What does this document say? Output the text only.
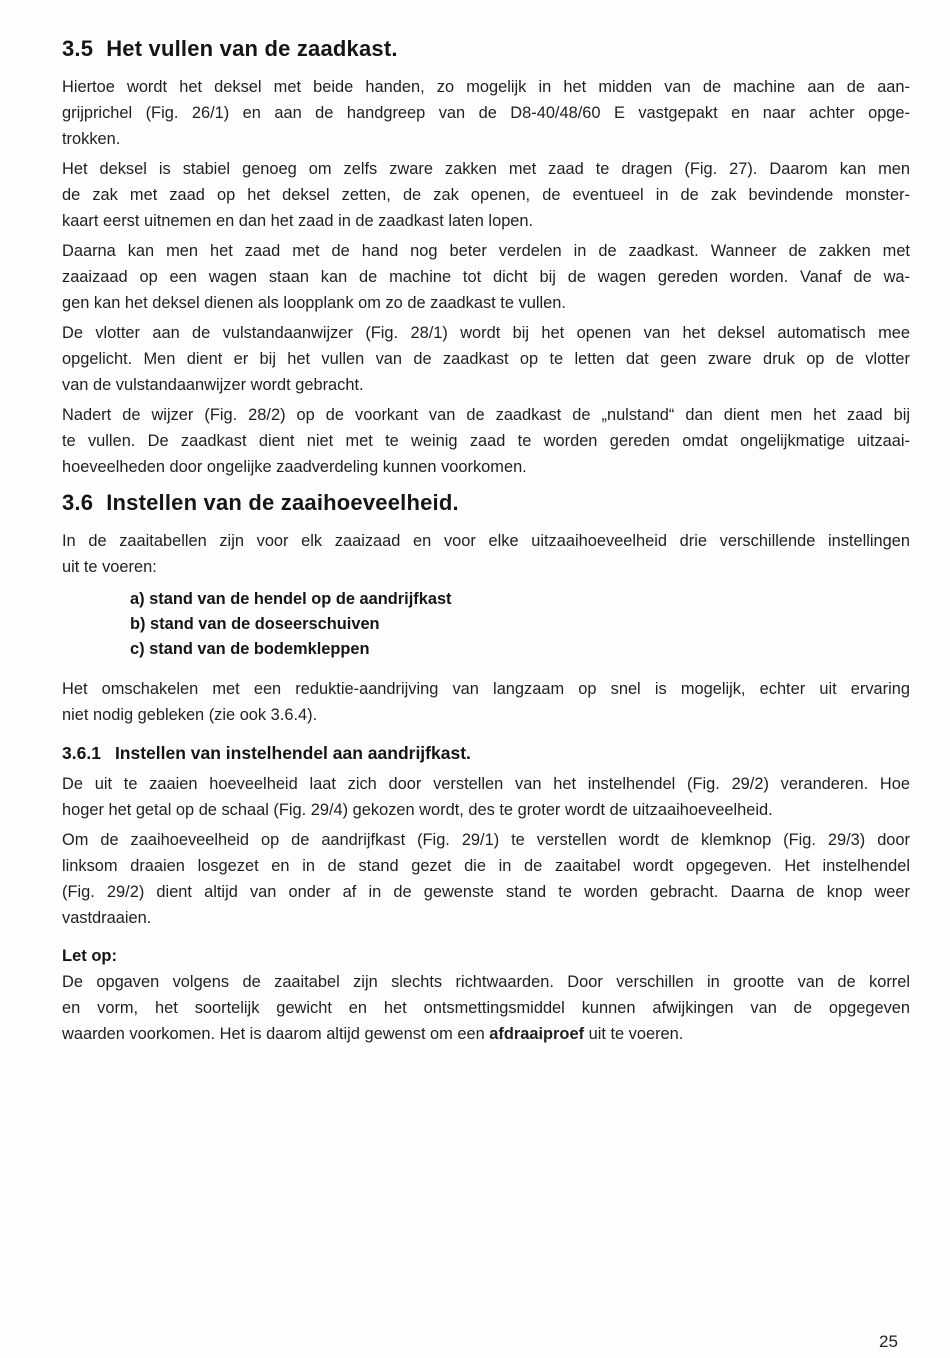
3.5 Het vullen van de zaadkast.
Hiertoe wordt het deksel met beide handen, zo mogelijk in het midden van de machine aan de aan-
grijprichel (Fig. 26/1) en aan de handgreep van de D8-40/48/60 E vastgepakt en naar achter opge-
trokken.
Het deksel is stabiel genoeg om zelfs zware zakken met zaad te dragen (Fig. 27). Daarom kan men
de zak met zaad op het deksel zetten, de zak openen, de eventueel in de zak bevindende monster-
kaart eerst uitnemen en dan het zaad in de zaadkast laten lopen.
Daarna kan men het zaad met de hand nog beter verdelen in de zaadkast. Wanneer de zakken met
zaaizaad op een wagen staan kan de machine tot dicht bij de wagen gereden worden. Vanaf de wa-
gen kan het deksel dienen als loopplank om zo de zaadkast te vullen.
De vlotter aan de vulstandaanwijzer (Fig. 28/1) wordt bij het openen van het deksel automatisch mee
opgelicht. Men dient er bij het vullen van de zaadkast op te letten dat geen zware druk op de vlotter
van de vulstandaanwijzer wordt gebracht.
Nadert de wijzer (Fig. 28/2) op de voorkant van de zaadkast de „nulstand“ dan dient men het zaad bij
te vullen. De zaadkast dient niet met te weinig zaad te worden gereden omdat ongelijkmatige uitzaai-
hoeveelheden door ongelijke zaadverdeling kunnen voorkomen.
3.6 Instellen van de zaaihoeveelheid.
In de zaaitabellen zijn voor elk zaaizaad en voor elke uitzaaihoeveelheid drie verschillende instellingen
uit te voeren:
a) stand van de hendel op de aandrijfkast
b) stand van de doseerschuiven
c) stand van de bodemkleppen
Het omschakelen met een reduktie-aandrijving van langzaam op snel is mogelijk, echter uit ervaring
niet nodig gebleken (zie ook 3.6.4).
3.6.1 Instellen van instelhendel aan aandrijfkast.
De uit te zaaien hoeveelheid laat zich door verstellen van het instelhendel (Fig. 29/2) veranderen. Hoe
hoger het getal op de schaal (Fig. 29/4) gekozen wordt, des te groter wordt de uitzaaihoeveelheid.
Om de zaaihoeveelheid op de aandrijfkast (Fig. 29/1) te verstellen wordt de klemknop (Fig. 29/3) door
linksom draaien losgezet en in de stand gezet die in de zaaitabel wordt opgegeven. Het instelhendel
(Fig. 29/2) dient altijd van onder af in de gewenste stand te worden gebracht. Daarna de knop weer
vastdraaien.
Let op:
De opgaven volgens de zaaitabel zijn slechts richtwaarden. Door verschillen in grootte van de korrel
en vorm, het soortelijk gewicht en het ontsmettingsmiddel kunnen afwijkingen van de opgegeven
waarden voorkomen. Het is daarom altijd gewenst om een afdraaiproef uit te voeren.
25
